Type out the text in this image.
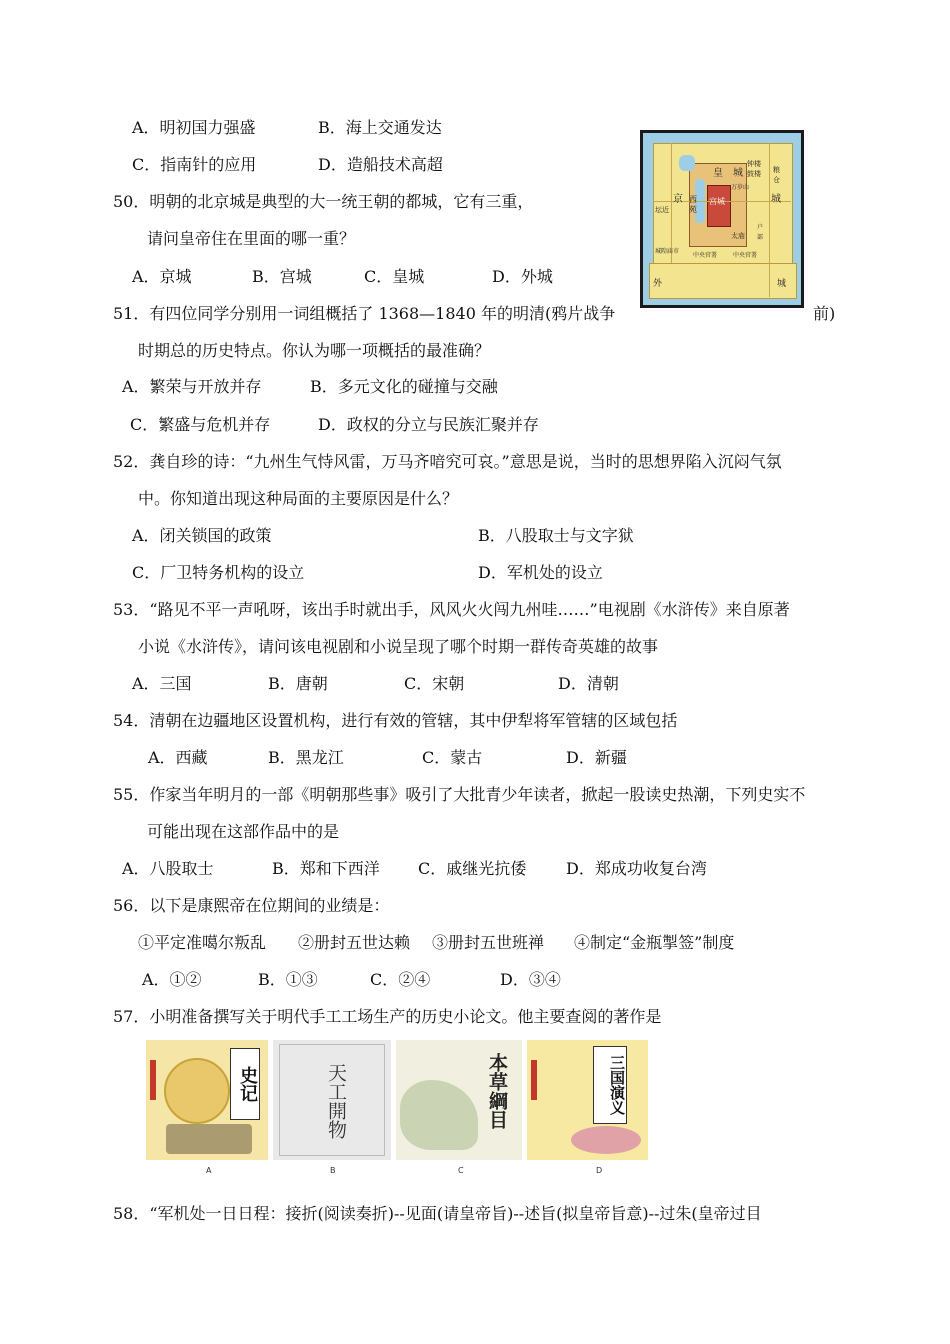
A．明初国力强盛	B．海上交通发达
C．指南针的应用	D．造船技术高超
50．明朝的北京城是典型的大一统王朝的都城，它有三重，
请问皇帝住在里面的哪一重？
A．京城	B．宫城	C．皇城	D．外城
皇 城
京	城
宫城
西苑
钟楼
鼓楼 粮仓
坛近
城隍庙市
中央官署	中央官署
户部
太庙
万岁山
外	城
51．有四位同学分别用一词组概括了 1368—1840 年的明清(鸦片战争	前)
时期总的历史特点。你认为哪一项概括的最准确？
A．繁荣与开放并存	B．多元文化的碰撞与交融
C．繁盛与危机并存	D．政权的分立与民族汇聚并存
52．龚自珍的诗：“九州生气恃风雷，万马齐喑究可哀。”意思是说，当时的思想界陷入沉闷气氛
中。你知道出现这种局面的主要原因是什么？
A．闭关锁国的政策	B．八股取士与文字狱
C．厂卫特务机构的设立	D．军机处的设立
53．“路见不平一声吼呀，该出手时就出手，风风火火闯九州哇……”电视剧《水浒传》来自原著
小说《水浒传》，请问该电视剧和小说呈现了哪个时期一群传奇英雄的故事
A．三国	B．唐朝	C．宋朝	D．清朝
54．清朝在边疆地区设置机构，进行有效的管辖，其中伊犁将军管辖的区域包括
A．西藏	B．黑龙江	C．蒙古	D．新疆
55．作家当年明月的一部《明朝那些事》吸引了大批青少年读者，掀起一股读史热潮，下列史实不
可能出现在这部作品中的是
A．八股取士	B．郑和下西洋 C．戚继光抗倭 D．郑成功收复台湾
56．以下是康熙帝在位期间的业绩是：
①平定准噶尔叛乱 ②册封五世达赖 ③册封五世班禅 ④制定“金瓶掣签”制度
A．①②	B．①③	C．②④	D．③④
57．小明准备撰写关于明代手工工场生产的历史小论文。他主要查阅的著作是
史记
A
天工開物
B
本草綱目
C
三国演义
D
58．“军机处一日日程：接折(阅读奏折)--见面(请皇帝旨)--述旨(拟皇帝旨意)--过朱(皇帝过目
